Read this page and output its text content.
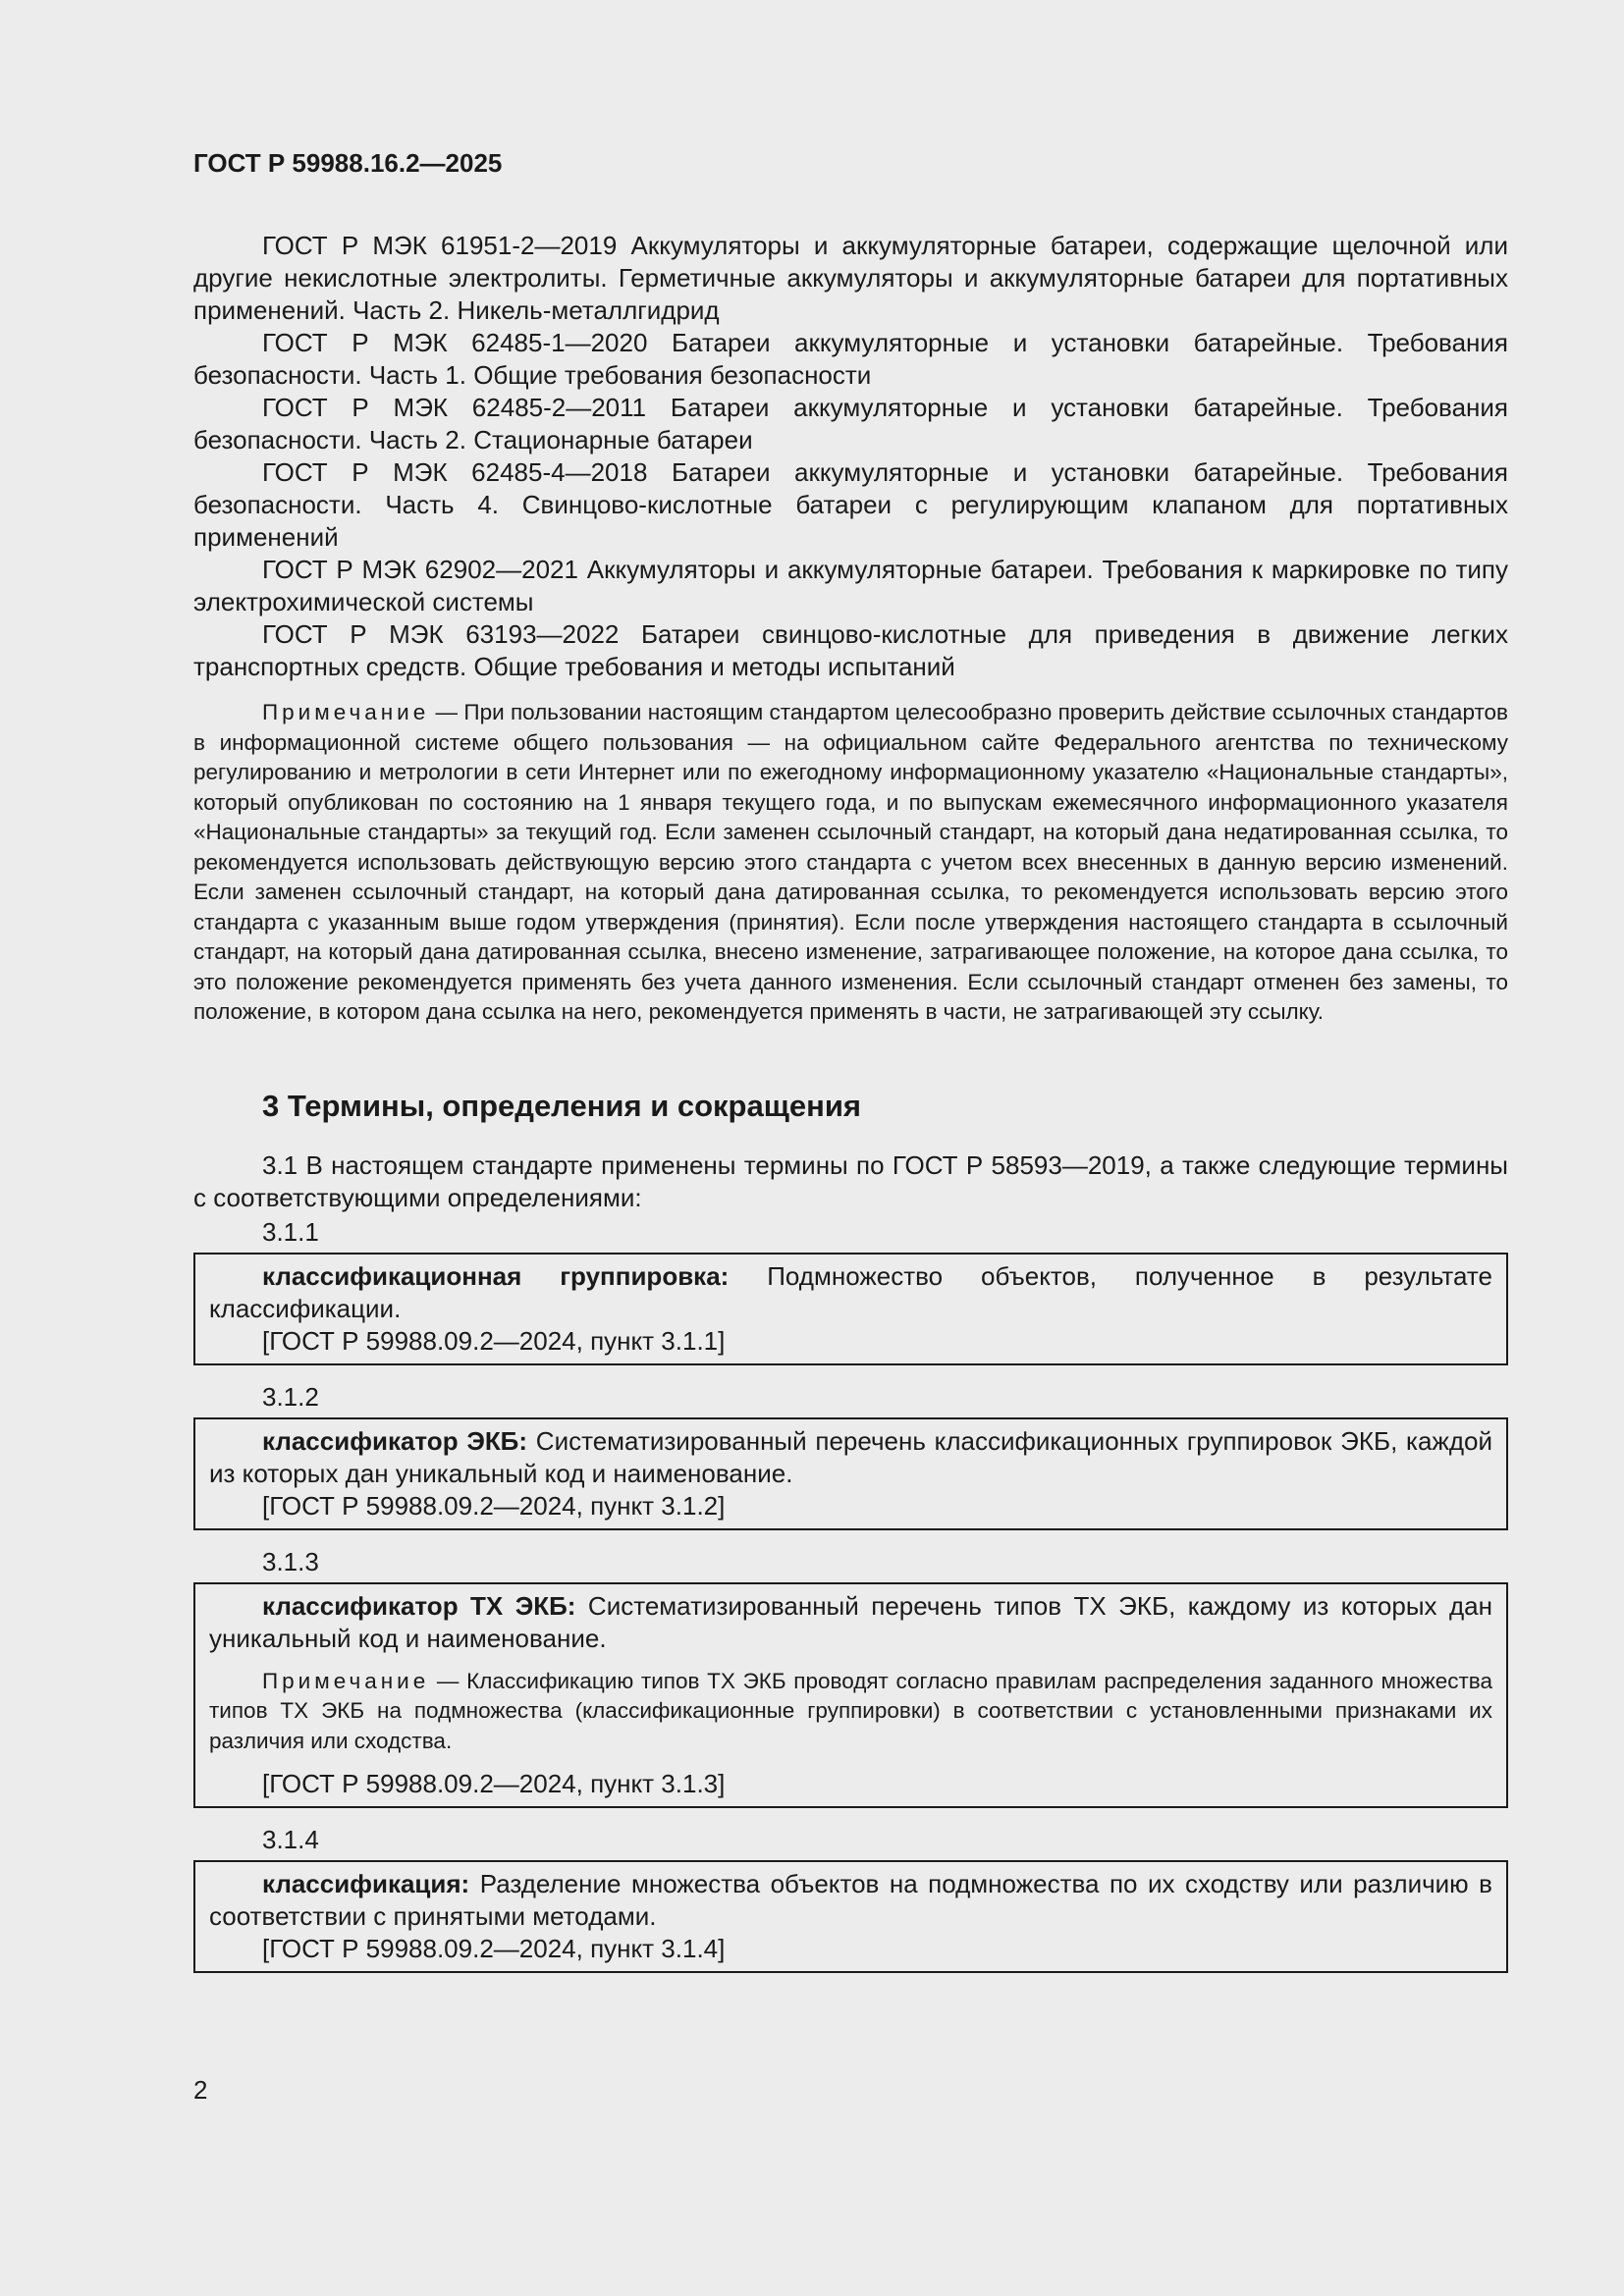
ГОСТ Р 59988.16.2—2025

ГОСТ Р МЭК 61951-2—2019 Аккумуляторы и аккумуляторные батареи, содержащие щелочной или другие некислотные электролиты. Герметичные аккумуляторы и аккумуляторные батареи для портативных применений. Часть 2. Никель-металлгидрид

ГОСТ Р МЭК 62485-1—2020 Батареи аккумуляторные и установки батарейные. Требования безопасности. Часть 1. Общие требования безопасности

ГОСТ Р МЭК 62485-2—2011 Батареи аккумуляторные и установки батарейные. Требования безопасности. Часть 2. Стационарные батареи

ГОСТ Р МЭК 62485-4—2018 Батареи аккумуляторные и установки батарейные. Требования безопасности. Часть 4. Свинцово-кислотные батареи с регулирующим клапаном для портативных применений

ГОСТ Р МЭК 62902—2021 Аккумуляторы и аккумуляторные батареи. Требования к маркировке по типу электрохимической системы

ГОСТ Р МЭК 63193—2022 Батареи свинцово-кислотные для приведения в движение легких транспортных средств. Общие требования и методы испытаний

Примечание — При пользовании настоящим стандартом целесообразно проверить действие ссылочных стандартов в информационной системе общего пользования — на официальном сайте Федерального агентства по техническому регулированию и метрологии в сети Интернет или по ежегодному информационному указателю «Национальные стандарты», который опубликован по состоянию на 1 января текущего года, и по выпускам ежемесячного информационного указателя «Национальные стандарты» за текущий год. Если заменен ссылочный стандарт, на который дана недатированная ссылка, то рекомендуется использовать действующую версию этого стандарта с учетом всех внесенных в данную версию изменений. Если заменен ссылочный стандарт, на который дана датированная ссылка, то рекомендуется использовать версию этого стандарта с указанным выше годом утверждения (принятия). Если после утверждения настоящего стандарта в ссылочный стандарт, на который дана датированная ссылка, внесено изменение, затрагивающее положение, на которое дана ссылка, то это положение рекомендуется применять без учета данного изменения. Если ссылочный стандарт отменен без замены, то положение, в котором дана ссылка на него, рекомендуется применять в части, не затрагивающей эту ссылку.

3 Термины, определения и сокращения

3.1 В настоящем стандарте применены термины по ГОСТ Р 58593—2019, а также следующие термины с соответствующими определениями:

3.1.1
классификационная группировка: Подмножество объектов, полученное в результате классификации.
[ГОСТ Р 59988.09.2—2024, пункт 3.1.1]
3.1.2
классификатор ЭКБ: Систематизированный перечень классификационных группировок ЭКБ, каждой из которых дан уникальный код и наименование.
[ГОСТ Р 59988.09.2—2024, пункт 3.1.2]
3.1.3
классификатор ТХ ЭКБ: Систематизированный перечень типов ТХ ЭКБ, каждому из которых дан уникальный код и наименование.
Примечание — Классификацию типов ТХ ЭКБ проводят согласно правилам распределения заданного множества типов ТХ ЭКБ на подмножества (классификационные группировки) в соответствии с установленными признаками их различия или сходства.
[ГОСТ Р 59988.09.2—2024, пункт 3.1.3]
3.1.4
классификация: Разделение множества объектов на подмножества по их сходству или различию в соответствии с принятыми методами.
[ГОСТ Р 59988.09.2—2024, пункт 3.1.4]
2
